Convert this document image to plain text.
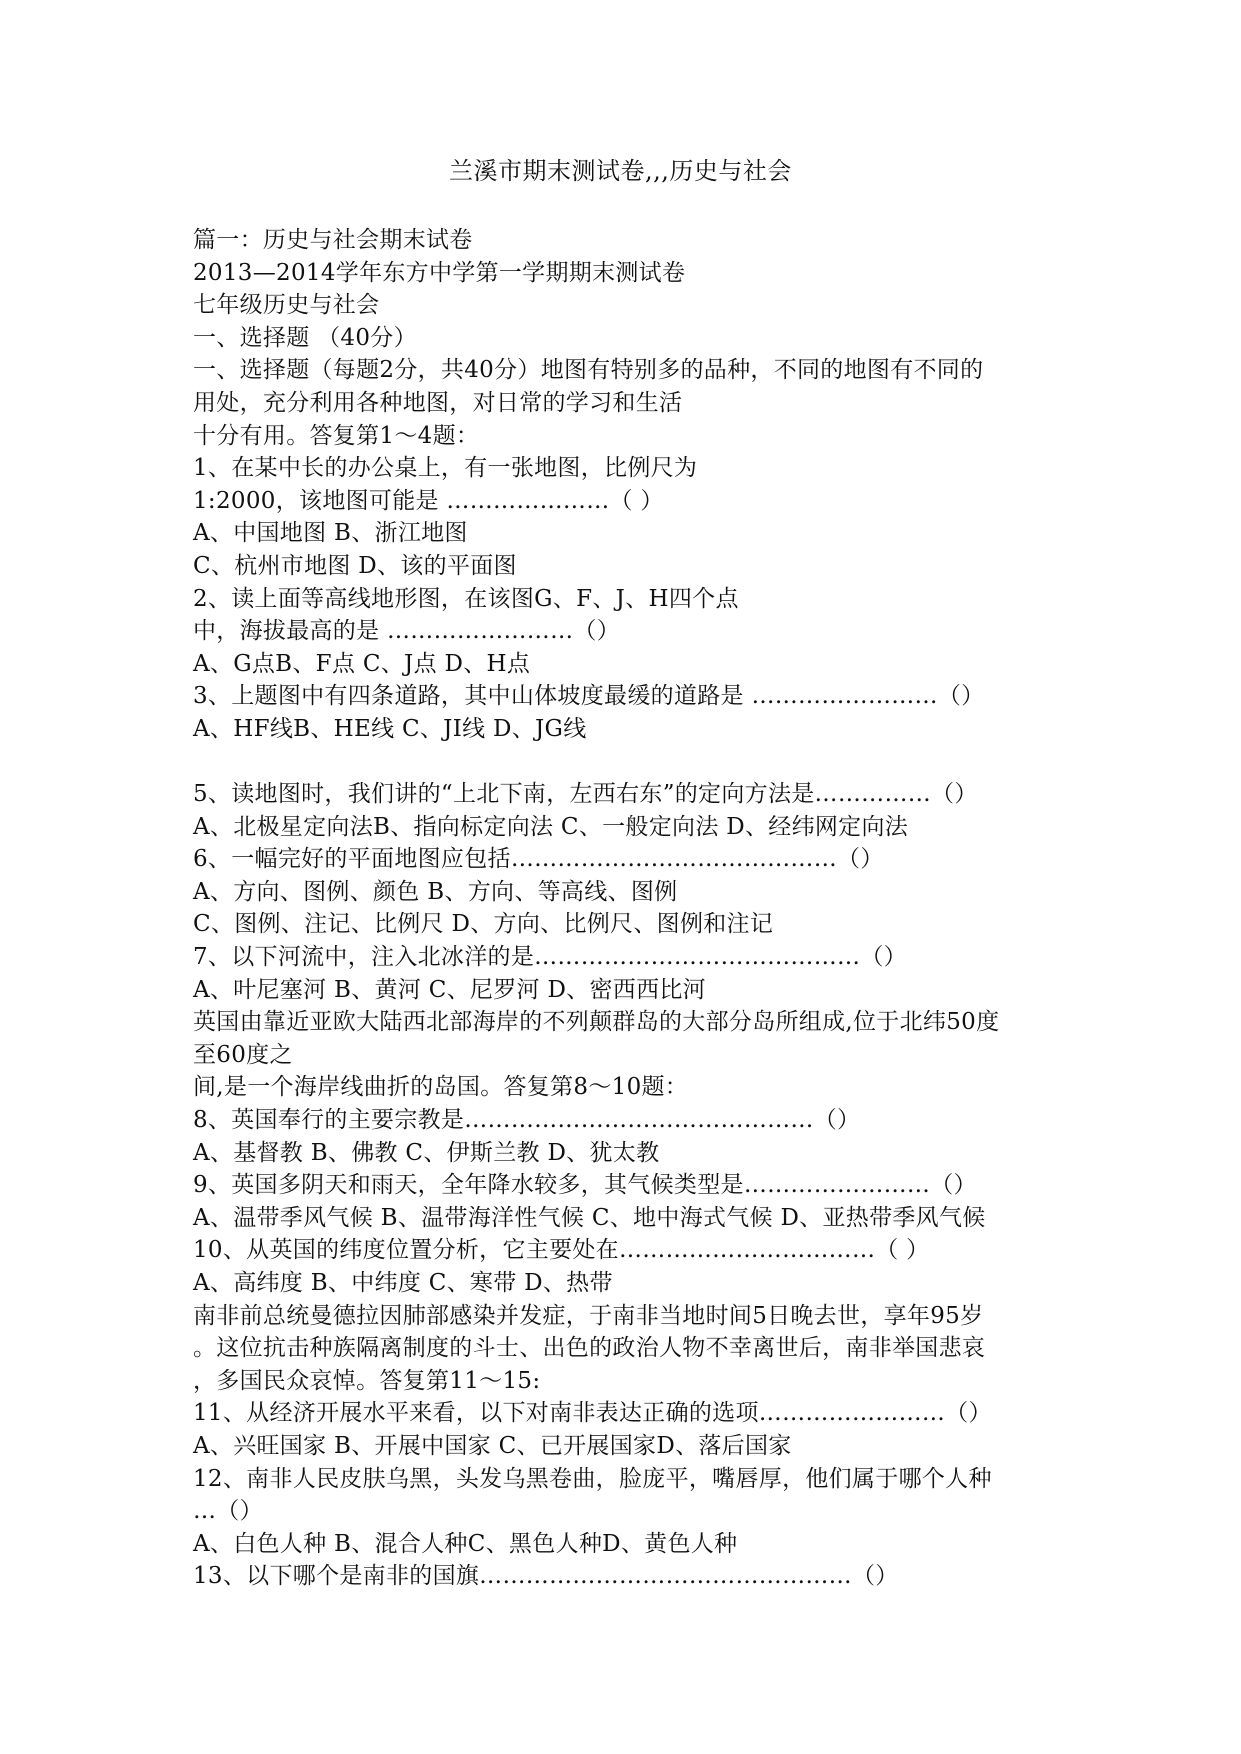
兰溪市期末测试卷,,,历史与社会
篇一：历史与社会期末试卷
2013—2014学年东方中学第一学期期末测试卷
七年级历史与社会
一、选择题 （40分）
一、选择题（每题2分，共40分）地图有特别多的品种，不同的地图有不同的
用处，充分利用各种地图，对日常的学习和生活
十分有用。答复第1～4题：
1、在某中长的办公桌上，有一张地图，比例尺为
1:2000，该地图可能是 …………………（ ）
A、中国地图 B、浙江地图
C、杭州市地图 D、该的平面图
2、读上面等高线地形图，在该图G、F、J、H四个点
中，海拔最高的是 ……………………（）
A、G点B、F点 C、J点 D、H点
3、上题图中有四条道路，其中山体坡度最缓的道路是 ……………………（）
A、HF线B、HE线 C、JI线 D、JG线
5、读地图时，我们讲的“上北下南，左西右东”的定向方法是……………（）
A、北极星定向法B、指向标定向法 C、一般定向法 D、经纬网定向法
6、一幅完好的平面地图应包括……………………………………（）
A、方向、图例、颜色 B、方向、等高线、图例
C、图例、注记、比例尺 D、方向、比例尺、图例和注记
7、以下河流中，注入北冰洋的是……………………………………（）
A、叶尼塞河 B、黄河 C、尼罗河 D、密西西比河
英国由靠近亚欧大陆西北部海岸的不列颠群岛的大部分岛所组成,位于北纬50度
至60度之
间,是一个海岸线曲折的岛国。答复第8～10题：
8、英国奉行的主要宗教是………………………………………（）
A、基督教 B、佛教 C、伊斯兰教 D、犹太教
9、英国多阴天和雨天，全年降水较多，其气候类型是……………………（）
A、温带季风气候 B、温带海洋性气候 C、地中海式气候 D、亚热带季风气候
10、从英国的纬度位置分析，它主要处在……………………………（ ）
A、高纬度 B、中纬度 C、寒带 D、热带
南非前总统曼德拉因肺部感染并发症，于南非当地时间5日晚去世，享年95岁
。这位抗击种族隔离制度的斗士、出色的政治人物不幸离世后，南非举国悲哀
，多国民众哀悼。答复第11～15:
11、从经济开展水平来看，以下对南非表达正确的选项……………………（）
A、兴旺国家 B、开展中国家 C、已开展国家D、落后国家
12、南非人民皮肤乌黑，头发乌黑卷曲，脸庞平，嘴唇厚，他们属于哪个人种
…（）
A、白色人种 B、混合人种C、黑色人种D、黄色人种
13、以下哪个是南非的国旗…………………………………………（）
